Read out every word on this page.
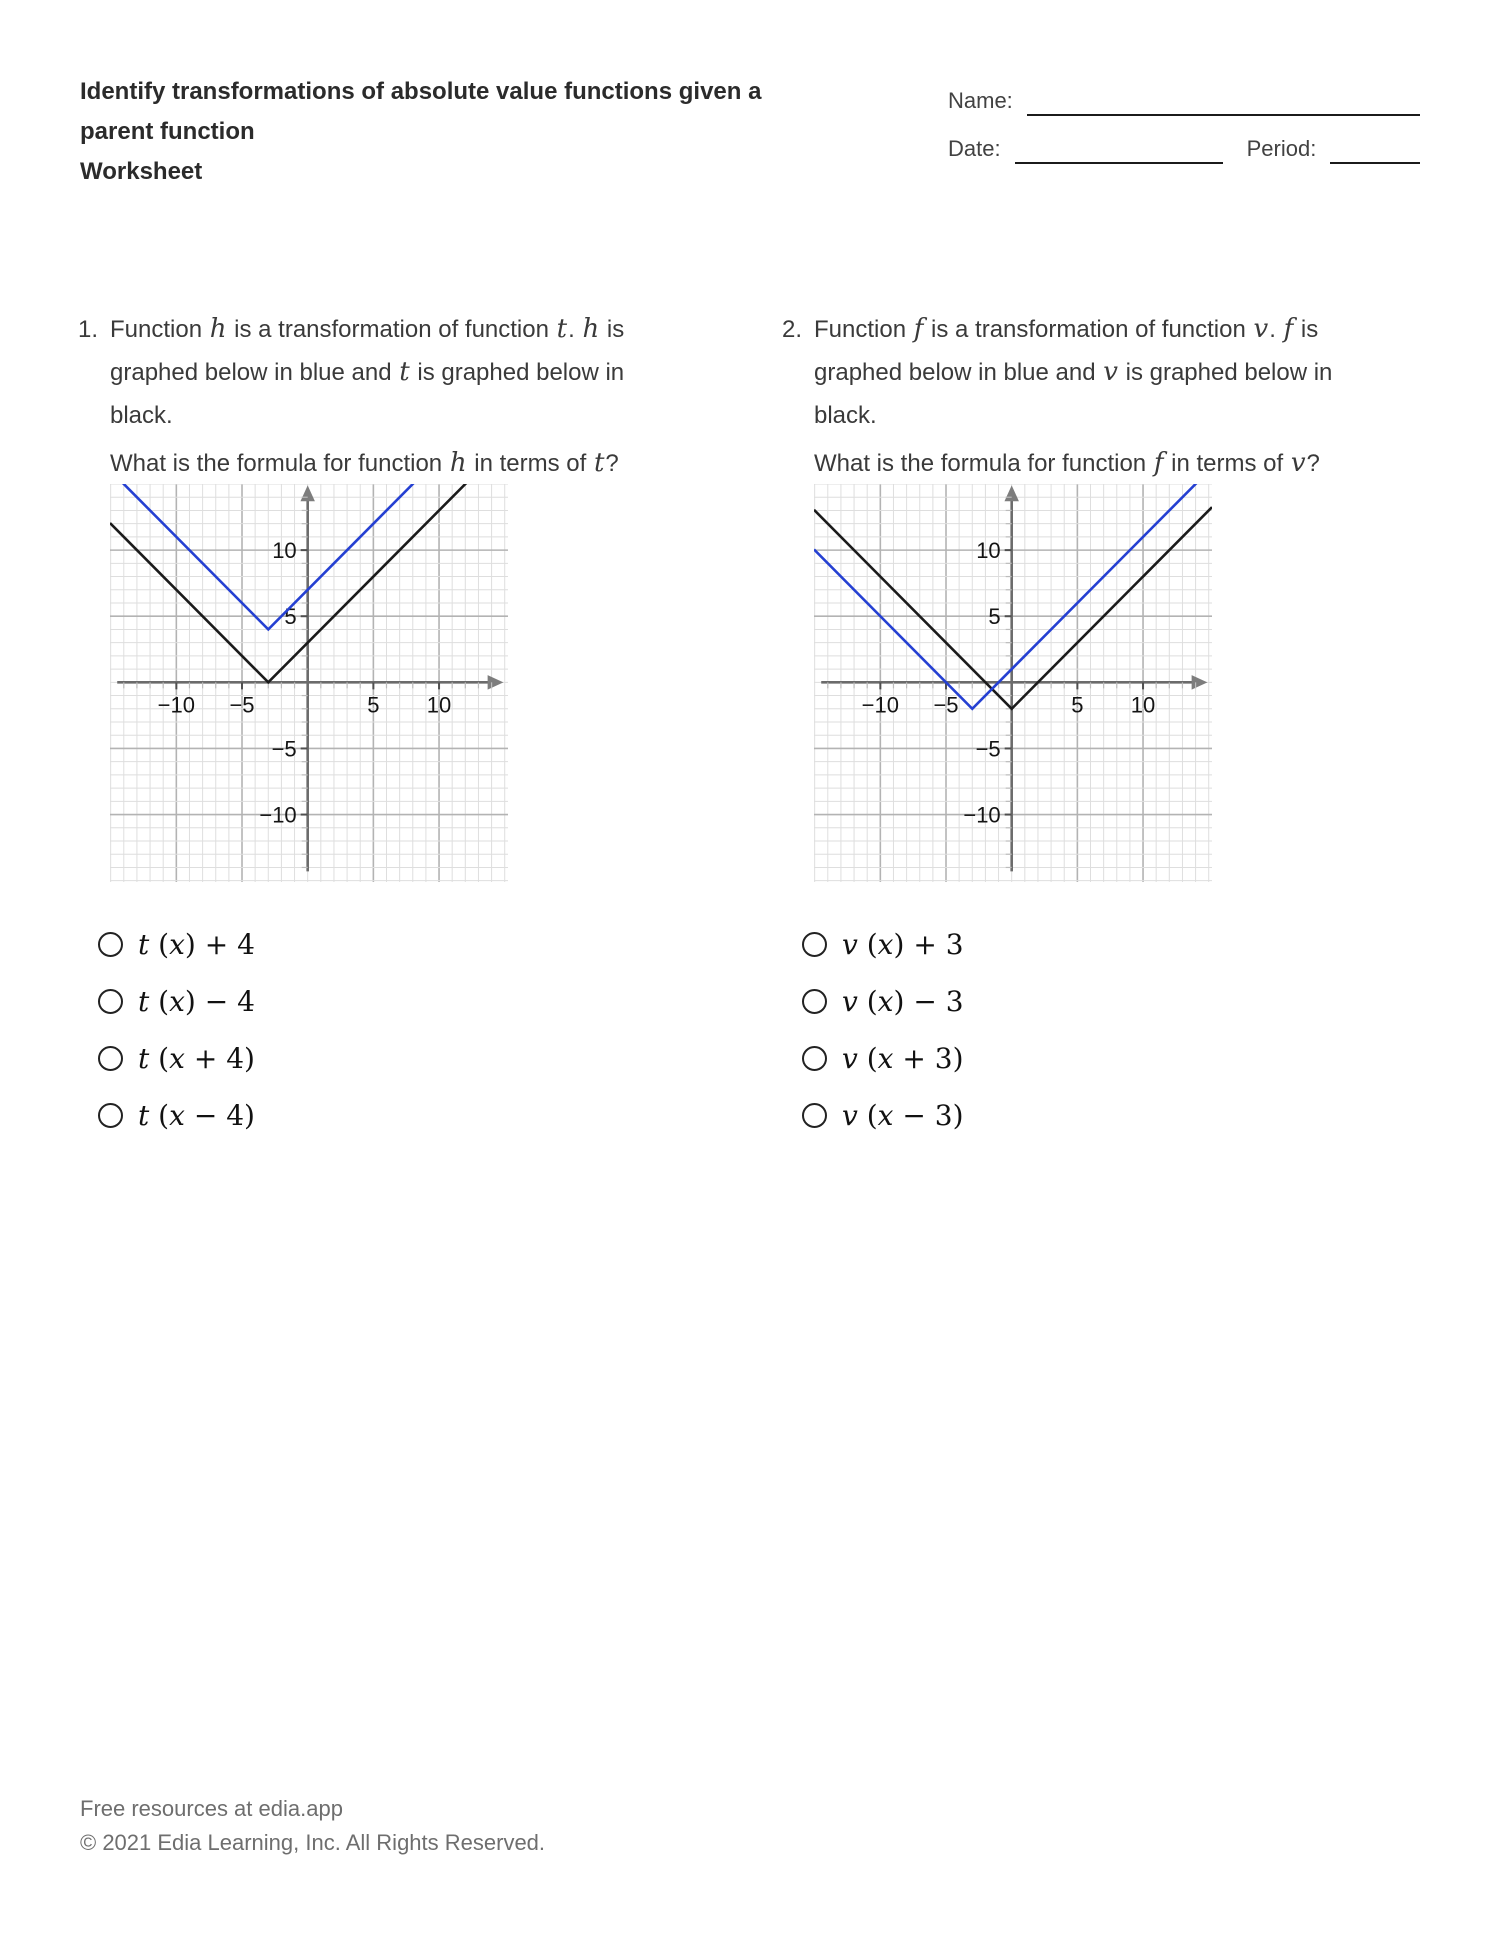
Identify transformations of absolute value functions given a
parent function
Worksheet
Name:
Date:	Period:
1. Function h is a transformation of function t. h is
graphed below in blue and t is graphed below in
black.
What is the formula for function h in terms of t?
−10 −5	5 10
10
5
−5
−10
t (x) + 4
t (x) − 4
t (x + 4)
t (x − 4)
2. Function f is a transformation of function v. f is
graphed below in blue and v is graphed below in
black.
What is the formula for function f in terms of v?
−10 −5	5 10
10
5
−5
−10
v (x) + 3
v (x) − 3
v (x + 3)
v (x − 3)
Free resources at edia.app
© 2021 Edia Learning, Inc. All Rights Reserved.
